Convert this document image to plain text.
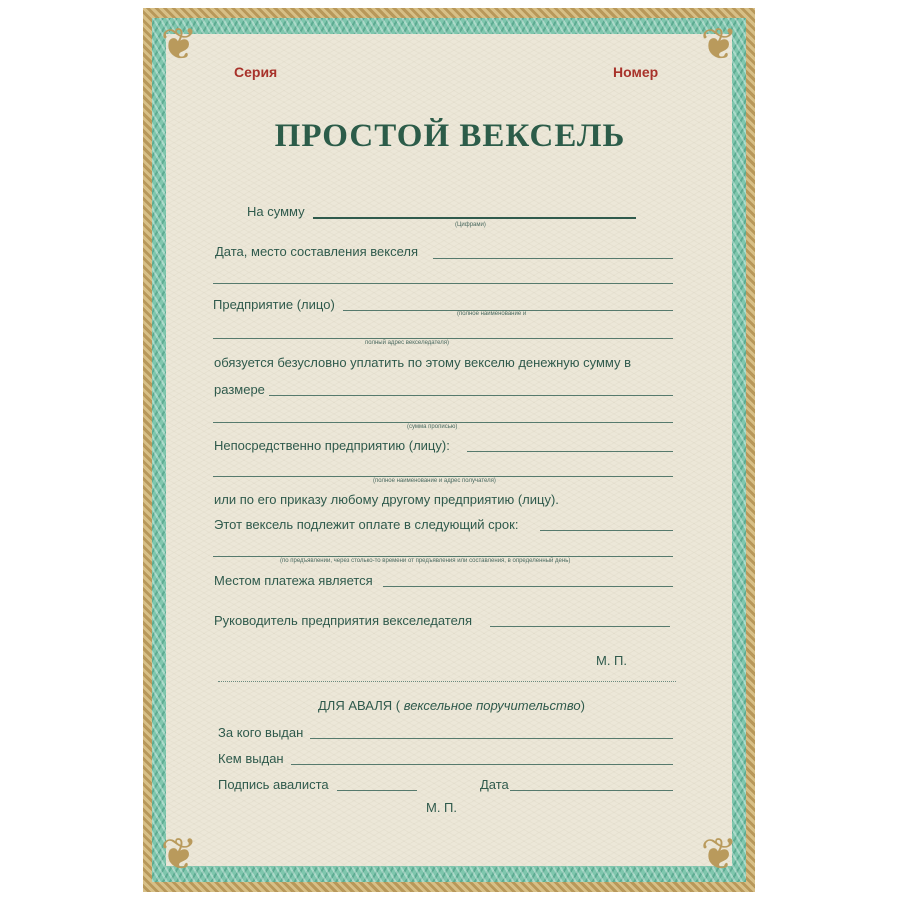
❦	❦
❦	❦
Серия	Номер
ПРОСТОЙ ВЕКСЕЛЬ
На сумму
(Цифрами)
Дата, место составления векселя
Предприятие (лицо)
(полное наименование и
полный адрес векселедателя)
обязуется безусловно уплатить по этому векселю денежную сумму в
размере
(сумма прописью)
Непосредственно предприятию (лицу):
(полное наименование и адрес получателя)
или по его приказу любому другому предприятию (лицу).
Этот вексель подлежит оплате в следующий срок:
(по предъявлении, через столько-то времени от предъявления или составления, в определенный день)
Местом платежа является
Руководитель предприятия векселедателя
М. П.
ДЛЯ АВАЛЯ ( вексельное поручительство)
За кого выдан
Кем выдан
Подпись авалиста	Дата
М. П.
